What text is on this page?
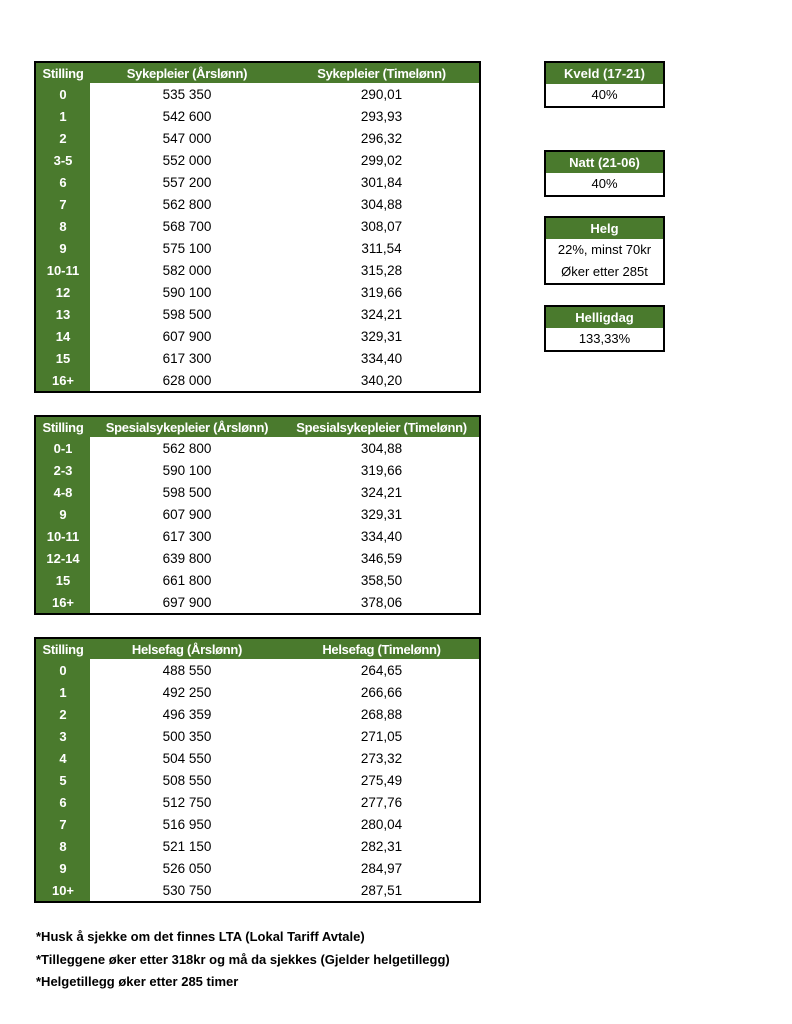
Stilling	Sykepleier (Årslønn)	Sykepleier (Timelønn)
0	535 350	290,01
1	542 600	293,93
2	547 000	296,32
3-5	552 000	299,02
6	557 200	301,84
7	562 800	304,88
8	568 700	308,07
9	575 100	311,54
10-11	582 000	315,28
12	590 100	319,66
13	598 500	324,21
14	607 900	329,31
15	617 300	334,40
16+	628 000	340,20
Stilling	Spesialsykepleier (Årslønn)	Spesialsykepleier (Timelønn)
0-1	562 800	304,88
2-3	590 100	319,66
4-8	598 500	324,21
9	607 900	329,31
10-11	617 300	334,40
12-14	639 800	346,59
15	661 800	358,50
16+	697 900	378,06
Stilling	Helsefag (Årslønn)	Helsefag (Timelønn)
0	488 550	264,65
1	492 250	266,66
2	496 359	268,88
3	500 350	271,05
4	504 550	273,32
5	508 550	275,49
6	512 750	277,76
7	516 950	280,04
8	521 150	282,31
9	526 050	284,97
10+	530 750	287,51
Kveld (17-21)
40%
Natt (21-06)
40%
Helg
22%, minst 70kr
Øker etter 285t
Helligdag
133,33%
*Husk å sjekke om det finnes LTA (Lokal Tariff Avtale)
*Tilleggene øker etter 318kr og må da sjekkes (Gjelder helgetillegg)
*Helgetillegg øker etter 285 timer
